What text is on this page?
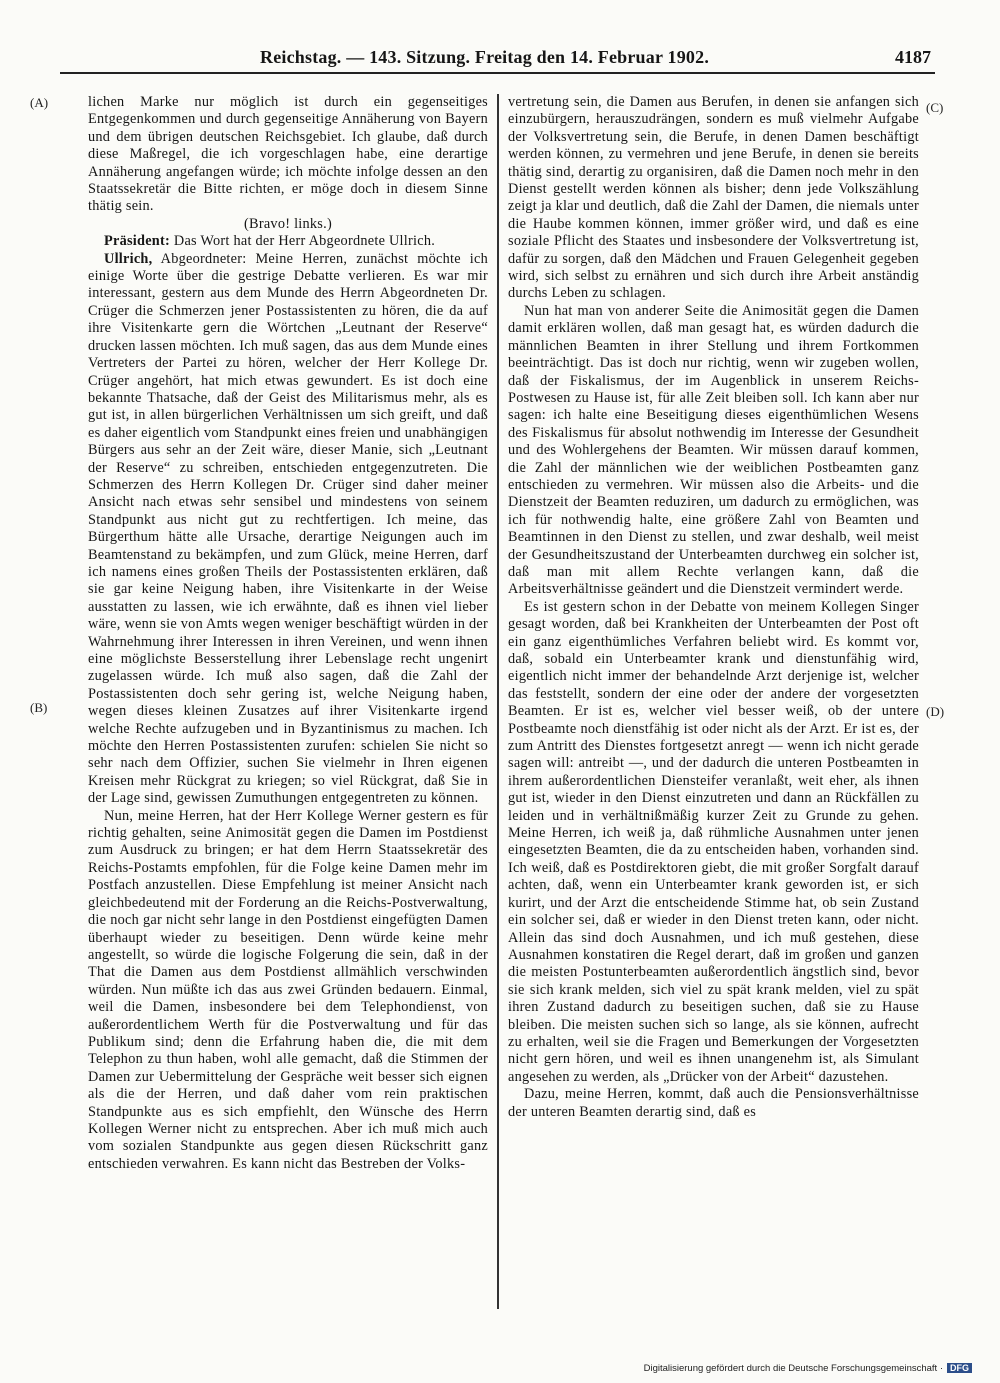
Reichstag. — 143. Sitzung. Freitag den 14. Februar 1902.	4187
(A)
(B)
(C)
(D)

lichen Marke nur möglich ist durch ein gegenseitiges Entgegenkommen und durch gegenseitige Annäherung von Bayern und dem übrigen deutschen Reichsgebiet. Ich glaube, daß durch diese Maßregel, die ich vorgeschlagen habe, eine derartige Annäherung angefangen würde; ich möchte infolge dessen an den Staatssekretär die Bitte richten, er möge doch in diesem Sinne thätig sein.

(Bravo! links.)

Präsident: Das Wort hat der Herr Abgeordnete Ullrich.

Ullrich, Abgeordneter: Meine Herren, zunächst möchte ich einige Worte über die gestrige Debatte verlieren. Es war mir interessant, gestern aus dem Munde des Herrn Abgeordneten Dr. Crüger die Schmerzen jener Postassistenten zu hören, die da auf ihre Visitenkarte gern die Wörtchen „Leutnant der Reserve“ drucken lassen möchten. Ich muß sagen, das aus dem Munde eines Vertreters der Partei zu hören, welcher der Herr Kollege Dr. Crüger angehört, hat mich etwas gewundert. Es ist doch eine bekannte Thatsache, daß der Geist des Militarismus mehr, als es gut ist, in allen bürgerlichen Verhältnissen um sich greift, und daß es daher eigentlich vom Standpunkt eines freien und unabhängigen Bürgers aus sehr an der Zeit wäre, dieser Manie, sich „Leutnant der Reserve“ zu schreiben, entschieden entgegenzutreten. Die Schmerzen des Herrn Kollegen Dr. Crüger sind daher meiner Ansicht nach etwas sehr sensibel und mindestens von seinem Standpunkt aus nicht gut zu rechtfertigen. Ich meine, das Bürgerthum hätte alle Ursache, derartige Neigungen auch im Beamtenstand zu bekämpfen, und zum Glück, meine Herren, darf ich namens eines großen Theils der Postassistenten erklären, daß sie gar keine Neigung haben, ihre Visitenkarte in der Weise ausstatten zu lassen, wie ich erwähnte, daß es ihnen viel lieber wäre, wenn sie von Amts wegen weniger beschäftigt würden in der Wahrnehmung ihrer Interessen in ihren Vereinen, und wenn ihnen eine möglichste Besserstellung ihrer Lebenslage recht ungenirt zugelassen würde. Ich muß also sagen, daß die Zahl der Postassistenten doch sehr gering ist, welche Neigung haben, wegen dieses kleinen Zusatzes auf ihrer Visitenkarte irgend welche Rechte aufzugeben und in Byzantinismus zu machen. Ich möchte den Herren Postassistenten zurufen: schielen Sie nicht so sehr nach dem Offizier, suchen Sie vielmehr in Ihren eigenen Kreisen mehr Rückgrat zu kriegen; so viel Rückgrat, daß Sie in der Lage sind, gewissen Zumuthungen entgegentreten zu können.

Nun, meine Herren, hat der Herr Kollege Werner gestern es für richtig gehalten, seine Animosität gegen die Damen im Postdienst zum Ausdruck zu bringen; er hat dem Herrn Staatssekretär des Reichs-Postamts empfohlen, für die Folge keine Damen mehr im Postfach anzustellen. Diese Empfehlung ist meiner Ansicht nach gleichbedeutend mit der Forderung an die Reichs-Postverwaltung, die noch gar nicht sehr lange in den Postdienst eingefügten Damen überhaupt wieder zu beseitigen. Denn würde keine mehr angestellt, so würde die logische Folgerung die sein, daß in der That die Damen aus dem Postdienst allmählich verschwinden würden. Nun müßte ich das aus zwei Gründen bedauern. Einmal, weil die Damen, insbesondere bei dem Telephondienst, von außerordentlichem Werth für die Postverwaltung und für das Publikum sind; denn die Erfahrung haben die, die mit dem Telephon zu thun haben, wohl alle gemacht, daß die Stimmen der Damen zur Uebermittelung der Gespräche weit besser sich eignen als die der Herren, und daß daher vom rein praktischen Standpunkte aus es sich empfiehlt, den Wünsche des Herrn Kollegen Werner nicht zu entsprechen. Aber ich muß mich auch vom sozialen Standpunkte aus gegen diesen Rückschritt ganz entschieden verwahren. Es kann nicht das Bestreben der Volks-

vertretung sein, die Damen aus Berufen, in denen sie anfangen sich einzubürgern, herauszudrängen, sondern es muß vielmehr Aufgabe der Volksvertretung sein, die Berufe, in denen Damen beschäftigt werden können, zu vermehren und jene Berufe, in denen sie bereits thätig sind, derartig zu organisiren, daß die Damen noch mehr in den Dienst gestellt werden können als bisher; denn jede Volkszählung zeigt ja klar und deutlich, daß die Zahl der Damen, die niemals unter die Haube kommen können, immer größer wird, und daß es eine soziale Pflicht des Staates und insbesondere der Volksvertretung ist, dafür zu sorgen, daß den Mädchen und Frauen Gelegenheit gegeben wird, sich selbst zu ernähren und sich durch ihre Arbeit anständig durchs Leben zu schlagen.

Nun hat man von anderer Seite die Animosität gegen die Damen damit erklären wollen, daß man gesagt hat, es würden dadurch die männlichen Beamten in ihrer Stellung und ihrem Fortkommen beeinträchtigt. Das ist doch nur richtig, wenn wir zugeben wollen, daß der Fiskalismus, der im Augenblick in unserem Reichs-Postwesen zu Hause ist, für alle Zeit bleiben soll. Ich kann aber nur sagen: ich halte eine Beseitigung dieses eigenthümlichen Wesens des Fiskalismus für absolut nothwendig im Interesse der Gesundheit und des Wohlergehens der Beamten. Wir müssen darauf kommen, die Zahl der männlichen wie der weiblichen Postbeamten ganz entschieden zu vermehren. Wir müssen also die Arbeits- und die Dienstzeit der Beamten reduziren, um dadurch zu ermöglichen, was ich für nothwendig halte, eine größere Zahl von Beamten und Beamtinnen in den Dienst zu stellen, und zwar deshalb, weil meist der Gesundheitszustand der Unterbeamten durchweg ein solcher ist, daß man mit allem Rechte verlangen kann, daß die Arbeitsverhältnisse geändert und die Dienstzeit vermindert werde.

Es ist gestern schon in der Debatte von meinem Kollegen Singer gesagt worden, daß bei Krankheiten der Unterbeamten der Post oft ein ganz eigenthümliches Verfahren beliebt wird. Es kommt vor, daß, sobald ein Unterbeamter krank und dienstunfähig wird, eigentlich nicht immer der behandelnde Arzt derjenige ist, welcher das feststellt, sondern der eine oder der andere der vorgesetzten Beamten. Er ist es, welcher viel besser weiß, ob der untere Postbeamte noch dienstfähig ist oder nicht als der Arzt. Er ist es, der zum Antritt des Dienstes fortgesetzt anregt — wenn ich nicht gerade sagen will: antreibt —, und der dadurch die unteren Postbeamten in ihrem außerordentlichen Diensteifer veranlaßt, weit eher, als ihnen gut ist, wieder in den Dienst einzutreten und dann an Rückfällen zu leiden und in verhältnißmäßig kurzer Zeit zu Grunde zu gehen. Meine Herren, ich weiß ja, daß rühmliche Ausnahmen unter jenen eingesetzten Beamten, die da zu entscheiden haben, vorhanden sind. Ich weiß, daß es Postdirektoren giebt, die mit großer Sorgfalt darauf achten, daß, wenn ein Unterbeamter krank geworden ist, er sich kurirt, und der Arzt die entscheidende Stimme hat, ob sein Zustand ein solcher sei, daß er wieder in den Dienst treten kann, oder nicht. Allein das sind doch Ausnahmen, und ich muß gestehen, diese Ausnahmen konstatiren die Regel derart, daß im großen und ganzen die meisten Postunterbeamten außerordentlich ängstlich sind, bevor sie sich krank melden, sich viel zu spät krank melden, viel zu spät ihren Zustand dadurch zu beseitigen suchen, daß sie zu Hause bleiben. Die meisten suchen sich so lange, als sie können, aufrecht zu erhalten, weil sie die Fragen und Bemerkungen der Vorgesetzten nicht gern hören, und weil es ihnen unangenehm ist, als Simulant angesehen zu werden, als „Drücker von der Arbeit“ dazustehen.

Dazu, meine Herren, kommt, daß auch die Pensionsverhältnisse der unteren Beamten derartig sind, daß es

Digitalisierung gefördert durch die Deutsche Forschungsgemeinschaft · DFG
